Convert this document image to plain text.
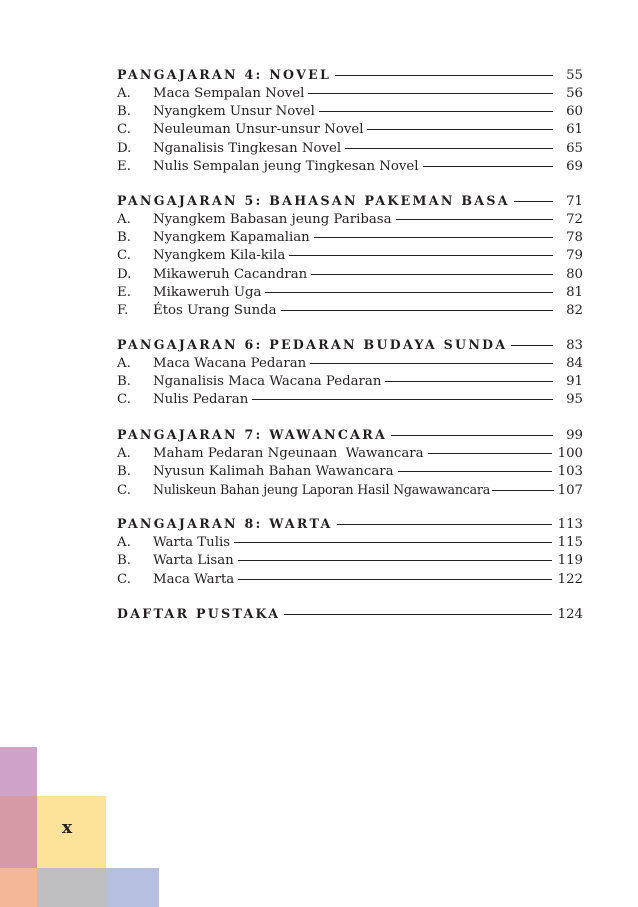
PANGAJARAN 4: NOVEL	55
A.	Maca Sempalan Novel	56
B.	Nyangkem Unsur Novel	60
C.	Neuleuman Unsur-unsur Novel	61
D.	Nganalisis Tingkesan Novel	65
E.	Nulis Sempalan jeung Tingkesan Novel	69
PANGAJARAN 5: BAHASAN PAKEMAN BASA	71
A.	Nyangkem Babasan jeung Paribasa	72
B.	Nyangkem Kapamalian	78
C.	Nyangkem Kila-kila	79
D.	Mikaweruh Cacandran	80
E.	Mikaweruh Uga	81
F.	Étos Urang Sunda	82
PANGAJARAN 6: PEDARAN BUDAYA SUNDA	83
A.	Maca Wacana Pedaran	84
B.	Nganalisis Maca Wacana Pedaran	91
C.	Nulis Pedaran	95
PANGAJARAN 7: WAWANCARA	99
A.	Maham Pedaran Ngeunaan  Wawancara	100
B.	Nyusun Kalimah Bahan Wawancara	103
C.	Nuliskeun Bahan jeung Laporan Hasil Ngawawancara	107
PANGAJARAN 8: WARTA	113
A.	Warta Tulis	115
B.	Warta Lisan	119
C.	Maca Warta	122
DAFTAR PUSTAKA	124
x
